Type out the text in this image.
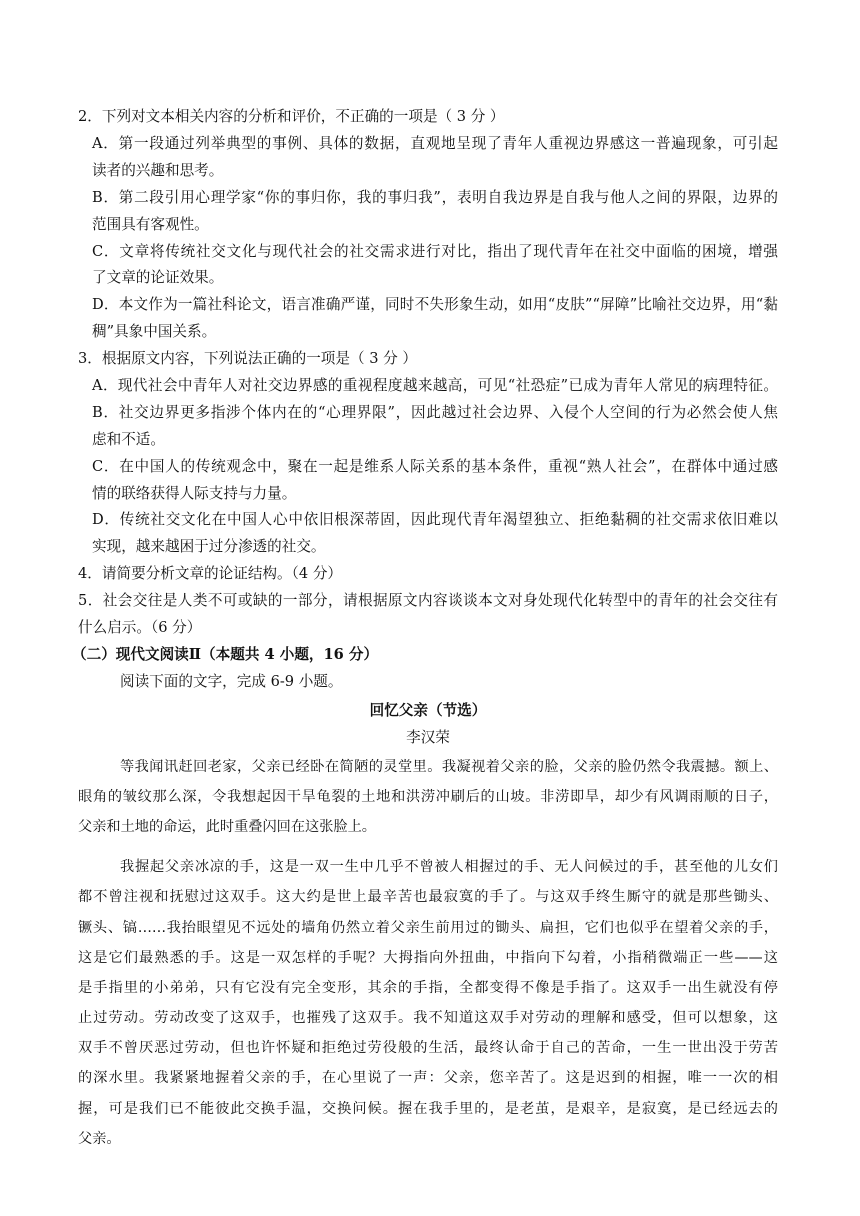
2．下列对文本相关内容的分析和评价，不正确的一项是（ 3 分 ）
A．第一段通过列举典型的事例、具体的数据，直观地呈现了青年人重视边界感这一普遍现象，可引起
读者的兴趣和思考。
B．第二段引用心理学家“你的事归你，我的事归我”，表明自我边界是自我与他人之间的界限，边界的
范围具有客观性。
C．文章将传统社交文化与现代社会的社交需求进行对比，指出了现代青年在社交中面临的困境，增强
了文章的论证效果。
D．本文作为一篇社科论文，语言准确严谨，同时不失形象生动，如用“皮肤”“屏障”比喻社交边界，用“黏
稠”具象中国关系。
3．根据原文内容，下列说法正确的一项是（ 3 分 ）
A．现代社会中青年人对社交边界感的重视程度越来越高，可见“社恐症”已成为青年人常见的病理特征。
B．社交边界更多指涉个体内在的“心理界限”，因此越过社会边界、入侵个人空间的行为必然会使人焦
虑和不适。
C．在中国人的传统观念中，聚在一起是维系人际关系的基本条件，重视“熟人社会”，在群体中通过感
情的联络获得人际支持与力量。
D．传统社交文化在中国人心中依旧根深蒂固，因此现代青年渴望独立、拒绝黏稠的社交需求依旧难以
实现，越来越困于过分渗透的社交。
4．请简要分析文章的论证结构。（4 分）
5．社会交往是人类不可或缺的一部分，请根据原文内容谈谈本文对身处现代化转型中的青年的社会交往有
什么启示。（6 分）
（二）现代文阅读Ⅱ（本题共 4 小题，16 分）
阅读下面的文字，完成 6-9 小题。
回忆父亲（节选）
李汉荣
等我闻讯赶回老家，父亲已经卧在简陋的灵堂里。我凝视着父亲的脸，父亲的脸仍然令我震撼。额上、
眼角的皱纹那么深，令我想起因干旱龟裂的土地和洪涝冲刷后的山坡。非涝即旱，却少有风调雨顺的日子，
父亲和土地的命运，此时重叠闪回在这张脸上。
我握起父亲冰凉的手，这是一双一生中几乎不曾被人相握过的手、无人问候过的手，甚至他的儿女们
都不曾注视和抚慰过这双手。这大约是世上最辛苦也最寂寞的手了。与这双手终生厮守的就是那些锄头、
镢头、镐……我抬眼望见不远处的墙角仍然立着父亲生前用过的锄头、扁担，它们也似乎在望着父亲的手，
这是它们最熟悉的手。这是一双怎样的手呢？大拇指向外扭曲，中指向下勾着，小指稍微端正一些——这
是手指里的小弟弟，只有它没有完全变形，其余的手指，全都变得不像是手指了。这双手一出生就没有停
止过劳动。劳动改变了这双手，也摧残了这双手。我不知道这双手对劳动的理解和感受，但可以想象，这
双手不曾厌恶过劳动，但也许怀疑和拒绝过劳役般的生活，最终认命于自己的苦命，一生一世出没于劳苦
的深水里。我紧紧地握着父亲的手，在心里说了一声：父亲，您辛苦了。这是迟到的相握，唯一一次的相
握，可是我们已不能彼此交换手温，交换问候。握在我手里的，是老茧，是艰辛，是寂寞，是已经远去的
父亲。
